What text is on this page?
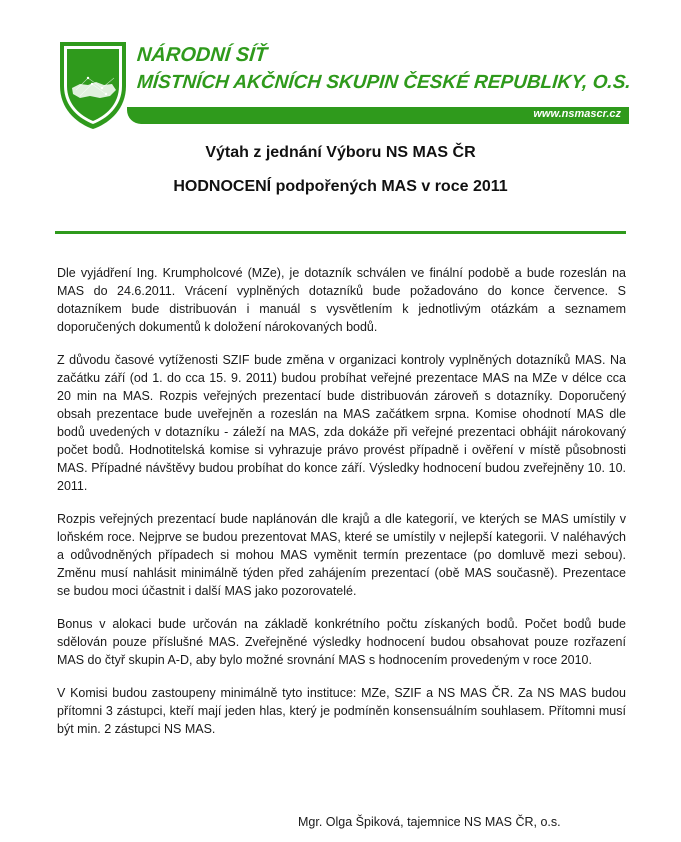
NÁRODNÍ SÍŤ
MÍSTNÍCH AKČNÍCH SKUPIN ČESKÉ REPUBLIKY, O.S.
www.nsmascr.cz
Výtah z jednání Výboru NS MAS ČR
HODNOCENÍ podpořených MAS v roce 2011

Dle vyjádření Ing. Krumpholcové (MZe), je dotazník schválen ve finální podobě a bude rozeslán na MAS do 24.6.2011. Vrácení vyplněných dotazníků bude požadováno do konce července. S dotazníkem bude distribuován i manuál s vysvětlením k jednotlivým otázkám a seznamem doporučených dokumentů k doložení nárokovaných bodů.

Z důvodu časové vytíženosti SZIF bude změna v organizaci kontroly vyplněných dotazníků MAS. Na začátku září (od 1. do cca 15. 9. 2011) budou probíhat veřejné prezentace MAS na MZe v délce cca 20 min na MAS. Rozpis veřejných prezentací bude distribuován zároveň s dotazníky. Doporučený obsah prezentace bude uveřejněn a rozeslán na MAS začátkem srpna. Komise ohodnotí MAS dle bodů uvedených v dotazníku - záleží na MAS, zda dokáže při veřejné prezentaci obhájit nárokovaný počet bodů. Hodnotitelská komise si vyhrazuje právo provést případně i ověření v místě působnosti MAS. Případné návštěvy budou probíhat do konce září. Výsledky hodnocení budou zveřejněny 10. 10. 2011.

Rozpis veřejných prezentací bude naplánován dle krajů a dle kategorií, ve kterých se MAS umístily v loňském roce. Nejprve se budou prezentovat MAS, které se umístily v nejlepší kategorii. V naléhavých a odůvodněných případech si mohou MAS vyměnit termín prezentace (po domluvě mezi sebou). Změnu musí nahlásit minimálně týden před zahájením prezentací (obě MAS současně). Prezentace se budou moci účastnit i další MAS jako pozorovatelé.

Bonus v alokaci bude určován na základě konkrétního počtu získaných bodů. Počet bodů bude sdělován pouze příslušné MAS. Zveřejněné výsledky hodnocení budou obsahovat pouze rozřazení MAS do čtyř skupin A-D, aby bylo možné srovnání MAS s hodnocením provedeným v roce 2010.

V Komisi budou zastoupeny minimálně tyto instituce: MZe, SZIF a NS MAS ČR. Za NS MAS budou přítomni 3 zástupci, kteří mají jeden hlas, který je podmíněn konsensuálním souhlasem. Přítomni musí být min. 2 zástupci NS MAS.

Mgr. Olga Špiková, tajemnice NS MAS ČR, o.s.
